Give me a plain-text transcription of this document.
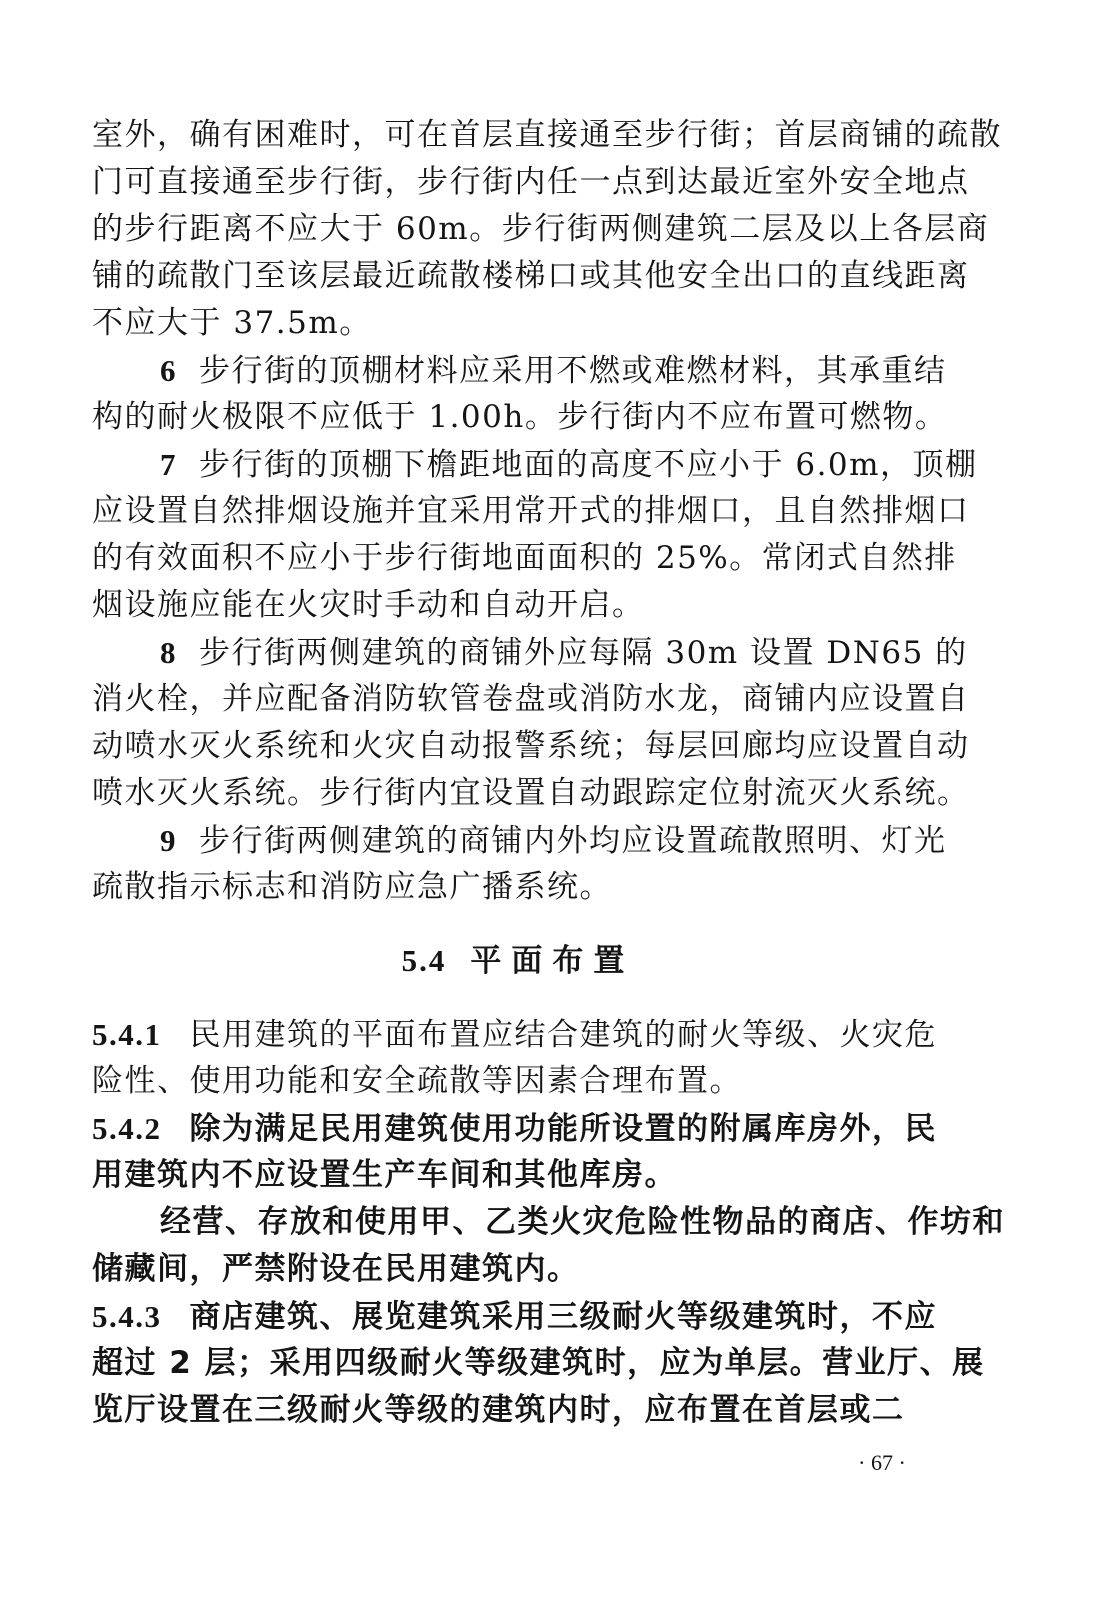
室外，确有困难时，可在首层直接通至步行街；首层商铺的疏散
门可直接通至步行街，步行街内任一点到达最近室外安全地点
的步行距离不应大于 60m。步行街两侧建筑二层及以上各层商
铺的疏散门至该层最近疏散楼梯口或其他安全出口的直线距离
不应大于 37.5m。
6 步行街的顶棚材料应采用不燃或难燃材料，其承重结
构的耐火极限不应低于 1.00h。步行街内不应布置可燃物。
7 步行街的顶棚下檐距地面的高度不应小于 6.0m，顶棚
应设置自然排烟设施并宜采用常开式的排烟口，且自然排烟口
的有效面积不应小于步行街地面面积的 25%。常闭式自然排
烟设施应能在火灾时手动和自动开启。
8 步行街两侧建筑的商铺外应每隔 30m 设置 DN65 的
消火栓，并应配备消防软管卷盘或消防水龙，商铺内应设置自
动喷水灭火系统和火灾自动报警系统；每层回廊均应设置自动
喷水灭火系统。步行街内宜设置自动跟踪定位射流灭火系统。
9 步行街两侧建筑的商铺内外均应设置疏散照明、灯光
疏散指示标志和消防应急广播系统。
5.4 平面布置
5.4.1 民用建筑的平面布置应结合建筑的耐火等级、火灾危
险性、使用功能和安全疏散等因素合理布置。
5.4.2 除为满足民用建筑使用功能所设置的附属库房外，民
用建筑内不应设置生产车间和其他库房。
经营、存放和使用甲、乙类火灾危险性物品的商店、作坊和
储藏间，严禁附设在民用建筑内。
5.4.3 商店建筑、展览建筑采用三级耐火等级建筑时，不应
超过 2 层；采用四级耐火等级建筑时，应为单层。营业厅、展
览厅设置在三级耐火等级的建筑内时，应布置在首层或二
· 67 ·
